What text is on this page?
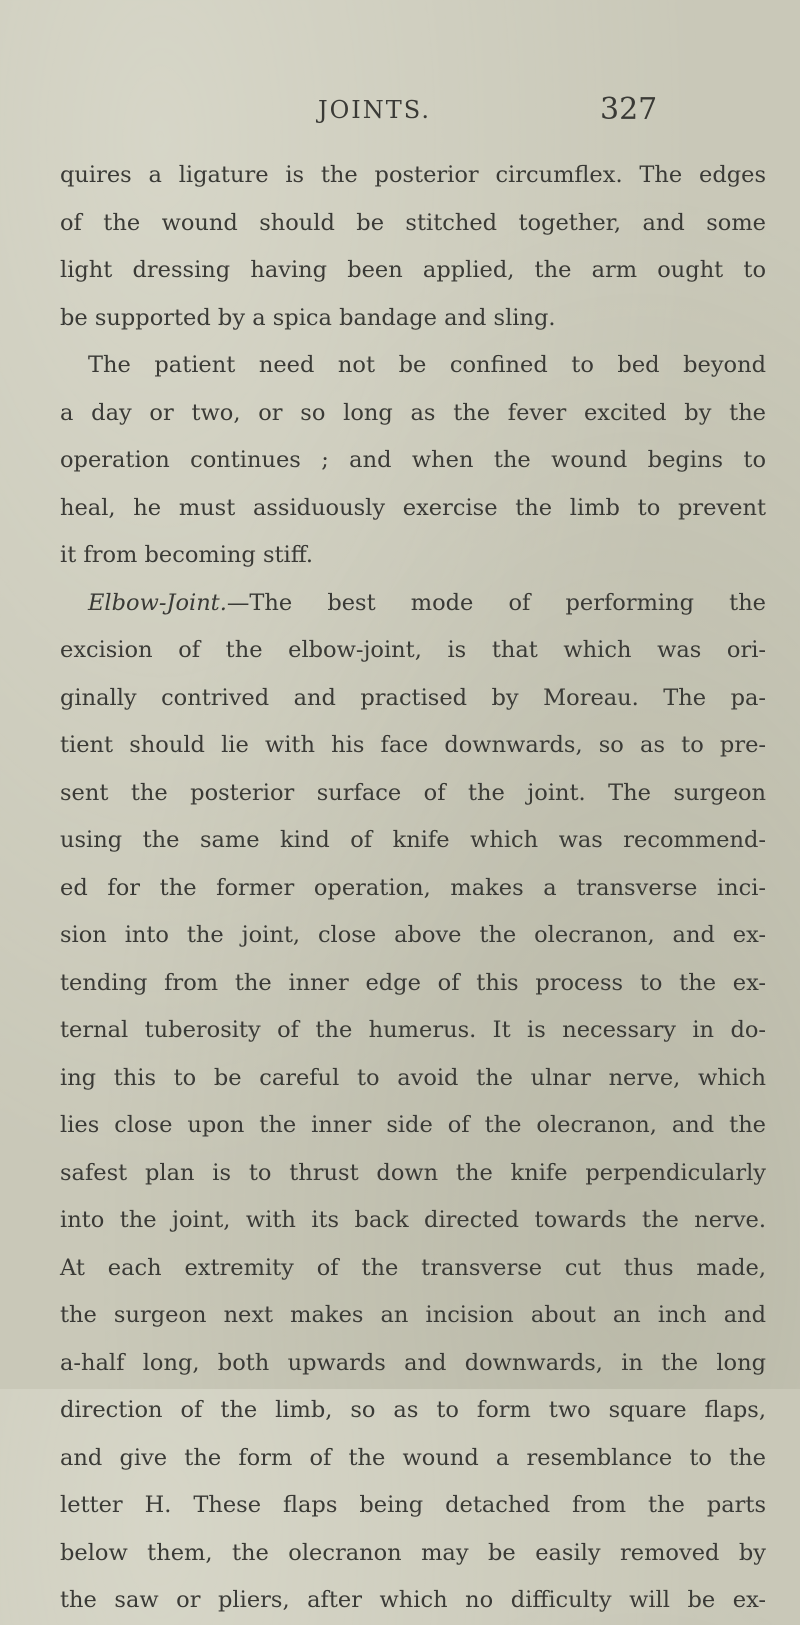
JOINTS.	327
quires a ligature is the posterior circumflex. The edges
of the wound should be stitched together, and some
light dressing having been applied, the arm ought to
be supported by a spica bandage and sling.
The patient need not be confined to bed beyond
a day or two, or so long as the fever excited by the
operation continues ; and when the wound begins to
heal, he must assiduously exercise the limb to prevent
it from becoming stiff.
Elbow-Joint.—The best mode of performing the
excision of the elbow-joint, is that which was ori-
ginally contrived and practised by Moreau. The pa-
tient should lie with his face downwards, so as to pre-
sent the posterior surface of the joint. The surgeon
using the same kind of knife which was recommend-
ed for the former operation, makes a transverse inci-
sion into the joint, close above the olecranon, and ex-
tending from the inner edge of this process to the ex-
ternal tuberosity of the humerus. It is necessary in do-
ing this to be careful to avoid the ulnar nerve, which
lies close upon the inner side of the olecranon, and the
safest plan is to thrust down the knife perpendicularly
into the joint, with its back directed towards the nerve.
At each extremity of the transverse cut thus made,
the surgeon next makes an incision about an inch and
a-half long, both upwards and downwards, in the long
direction of the limb, so as to form two square flaps,
and give the form of the wound a resemblance to the
letter H. These flaps being detached from the parts
below them, the olecranon may be easily removed by
the saw or pliers, after which no difficulty will be ex-
